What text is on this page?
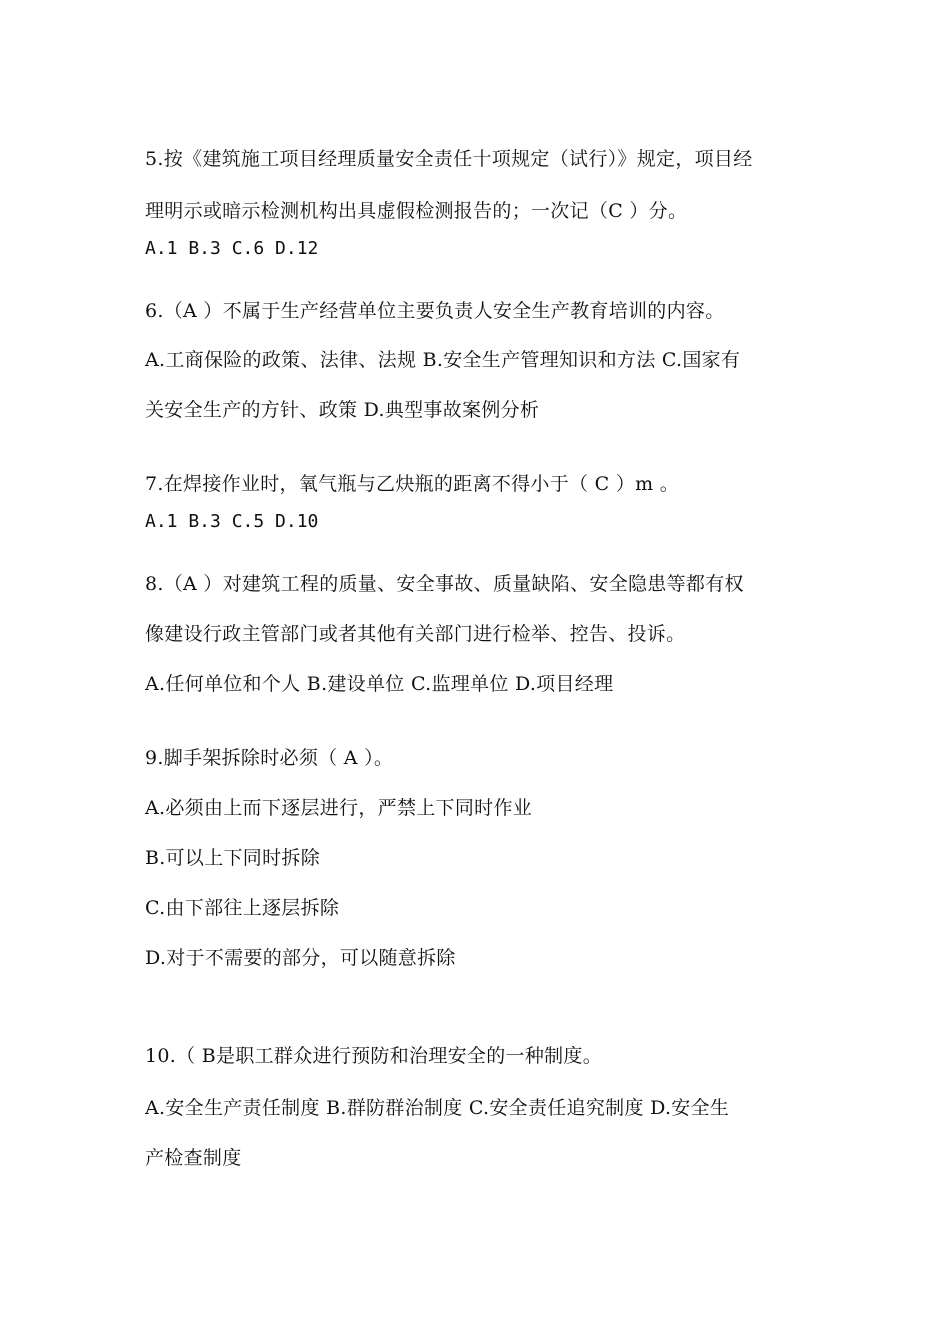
5.按《建筑施工项目经理质量安全责任十项规定（试行）》规定，项目经
理明示或暗示检测机构出具虚假检测报告的；一次记（C ）分。
A.1 B.3 C.6 D.12
6.（A ）不属于生产经营单位主要负责人安全生产教育培训的内容。
A.工商保险的政策、法律、法规 B.安全生产管理知识和方法 C.国家有
关安全生产的方针、政策 D.典型事故案例分析
7.在焊接作业时，氧气瓶与乙炔瓶的距离不得小于（ C ）m 。
A.1 B.3 C.5 D.10
8.（A ）对建筑工程的质量、安全事故、质量缺陷、安全隐患等都有权
像建设行政主管部门或者其他有关部门进行检举、控告、投诉。
A.任何单位和个人 B.建设单位 C.监理单位 D.项目经理
9.脚手架拆除时必须（ A ）。
A.必须由上而下逐层进行，严禁上下同时作业
B.可以上下同时拆除
C.由下部往上逐层拆除
D.对于不需要的部分，可以随意拆除
10.（ B是职工群众进行预防和治理安全的一种制度。
A.安全生产责任制度 B.群防群治制度 C.安全责任追究制度 D.安全生
产检查制度
